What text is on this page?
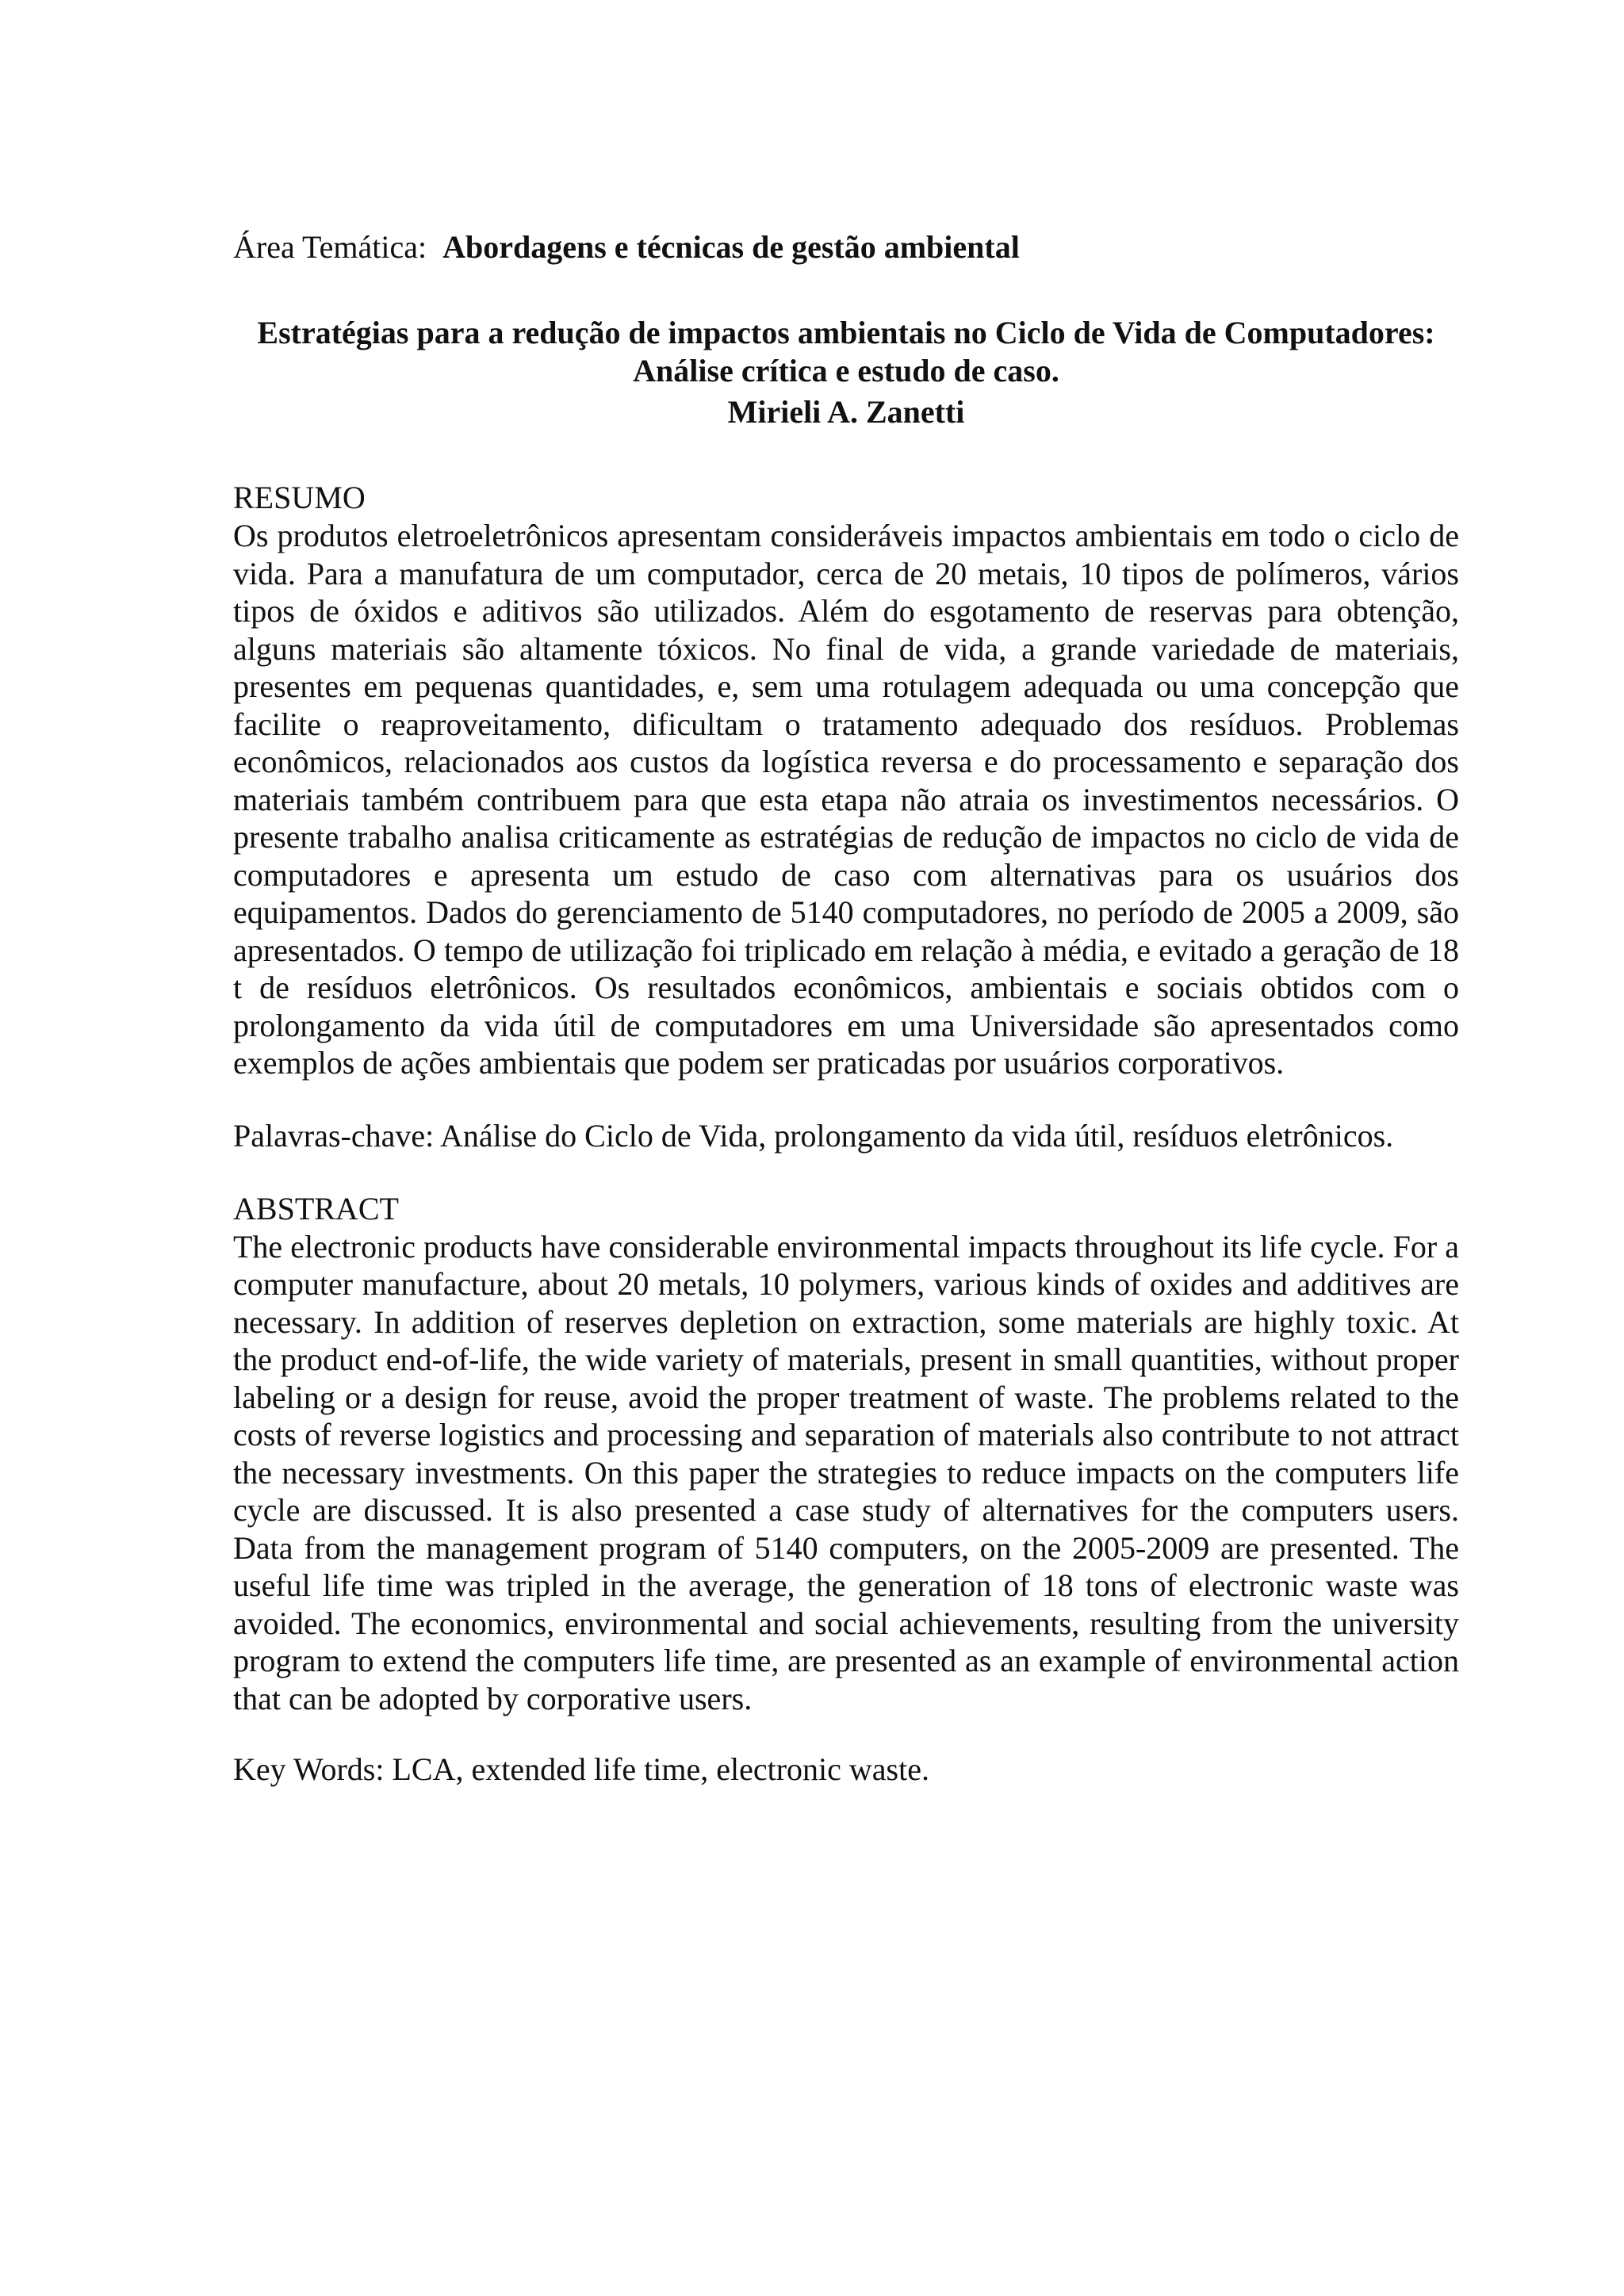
Área Temática: Abordagens e técnicas de gestão ambiental

Estratégias para a redução de impactos ambientais no Ciclo de Vida de Computadores:
Análise crítica e estudo de caso.

Mirieli A. Zanetti

RESUMO

Os produtos eletroeletrônicos apresentam consideráveis impactos ambientais em todo o ciclo de vida. Para a manufatura de um computador, cerca de 20 metais, 10 tipos de polímeros, vários tipos de óxidos e aditivos são utilizados. Além do esgotamento de reservas para obtenção, alguns materiais são altamente tóxicos. No final de vida, a grande variedade de materiais, presentes em pequenas quantidades, e, sem uma rotulagem adequada ou uma concepção que facilite o reaproveitamento, dificultam o tratamento adequado dos resíduos. Problemas econômicos, relacionados aos custos da logística reversa e do processamento e separação dos materiais também contribuem para que esta etapa não atraia os investimentos necessários. O presente trabalho analisa criticamente as estratégias de redução de impactos no ciclo de vida de computadores e apresenta um estudo de caso com alternativas para os usuários dos equipamentos. Dados do gerenciamento de 5140 computadores, no período de 2005 a 2009, são apresentados. O tempo de utilização foi triplicado em relação à média, e evitado a geração de 18 t de resíduos eletrônicos. Os resultados econômicos, ambientais e sociais obtidos com o prolongamento da vida útil de computadores em uma Universidade são apresentados como exemplos de ações ambientais que podem ser praticadas por usuários corporativos.

Palavras-chave: Análise do Ciclo de Vida, prolongamento da vida útil, resíduos eletrônicos.

ABSTRACT

The electronic products have considerable environmental impacts throughout its life cycle. For a computer manufacture, about 20 metals, 10 polymers, various kinds of oxides and additives are necessary. In addition of reserves depletion on extraction, some materials are highly toxic. At the product end-of-life, the wide variety of materials, present in small quantities, without proper labeling or a design for reuse, avoid the proper treatment of waste. The problems related to the costs of reverse logistics and processing and separation of materials also contribute to not attract the necessary investments. On this paper the strategies to reduce impacts on the computers life cycle are discussed. It is also presented a case study of alternatives for the computers users. Data from the management program of 5140 computers, on the 2005-2009 are presented. The useful life time was tripled in the average, the generation of 18 tons of electronic waste was avoided. The economics, environmental and social achievements, resulting from the university program to extend the computers life time, are presented as an example of environmental action that can be adopted by corporative users.

Key Words: LCA, extended life time, electronic waste.
